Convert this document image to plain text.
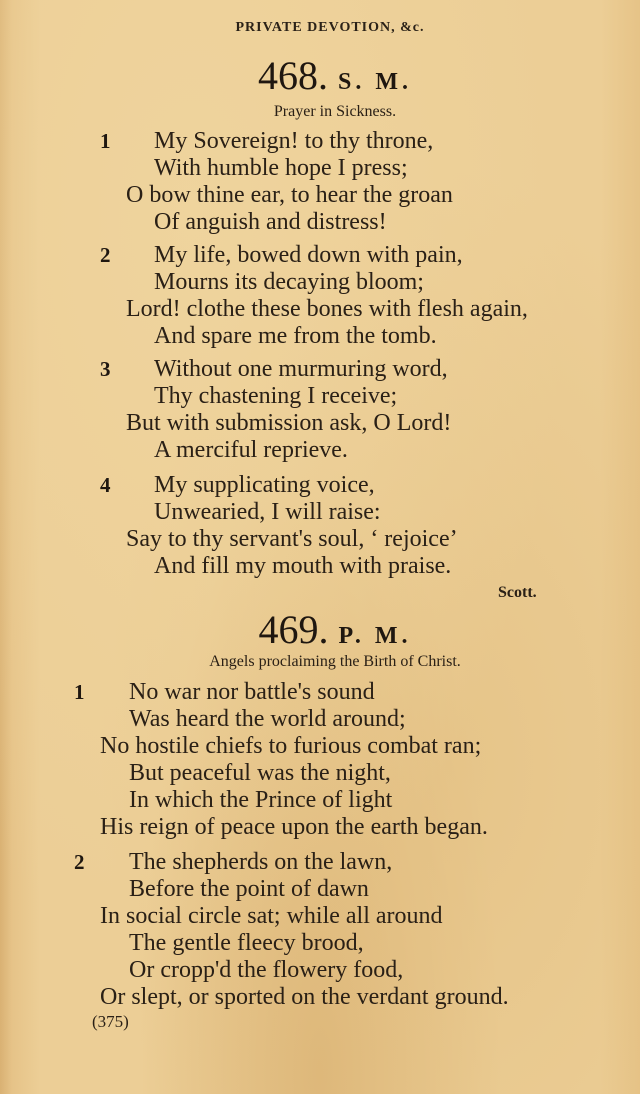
PRIVATE DEVOTION, &c.
468. S. M.
Prayer in Sickness.
1 My Sovereign! to thy throne,
With humble hope I press;
O bow thine ear, to hear the groan
Of anguish and distress!
2 My life, bowed down with pain,
Mourns its decaying bloom;
Lord! clothe these bones with flesh again,
And spare me from the tomb.
3 Without one murmuring word,
Thy chastening I receive;
But with submission ask, O Lord!
A merciful reprieve.
4 My supplicating voice,
Unwearied, I will raise:
Say to thy servant's soul, ‘ rejoice’
And fill my mouth with praise.
Scott.
469. P. M.
Angels proclaiming the Birth of Christ.
1 No war nor battle's sound
Was heard the world around;
No hostile chiefs to furious combat ran;
But peaceful was the night,
In which the Prince of light
His reign of peace upon the earth began.
2 The shepherds on the lawn,
Before the point of dawn
In social circle sat; while all around
The gentle fleecy brood,
Or cropp'd the flowery food,
Or slept, or sported on the verdant ground.
(375)
